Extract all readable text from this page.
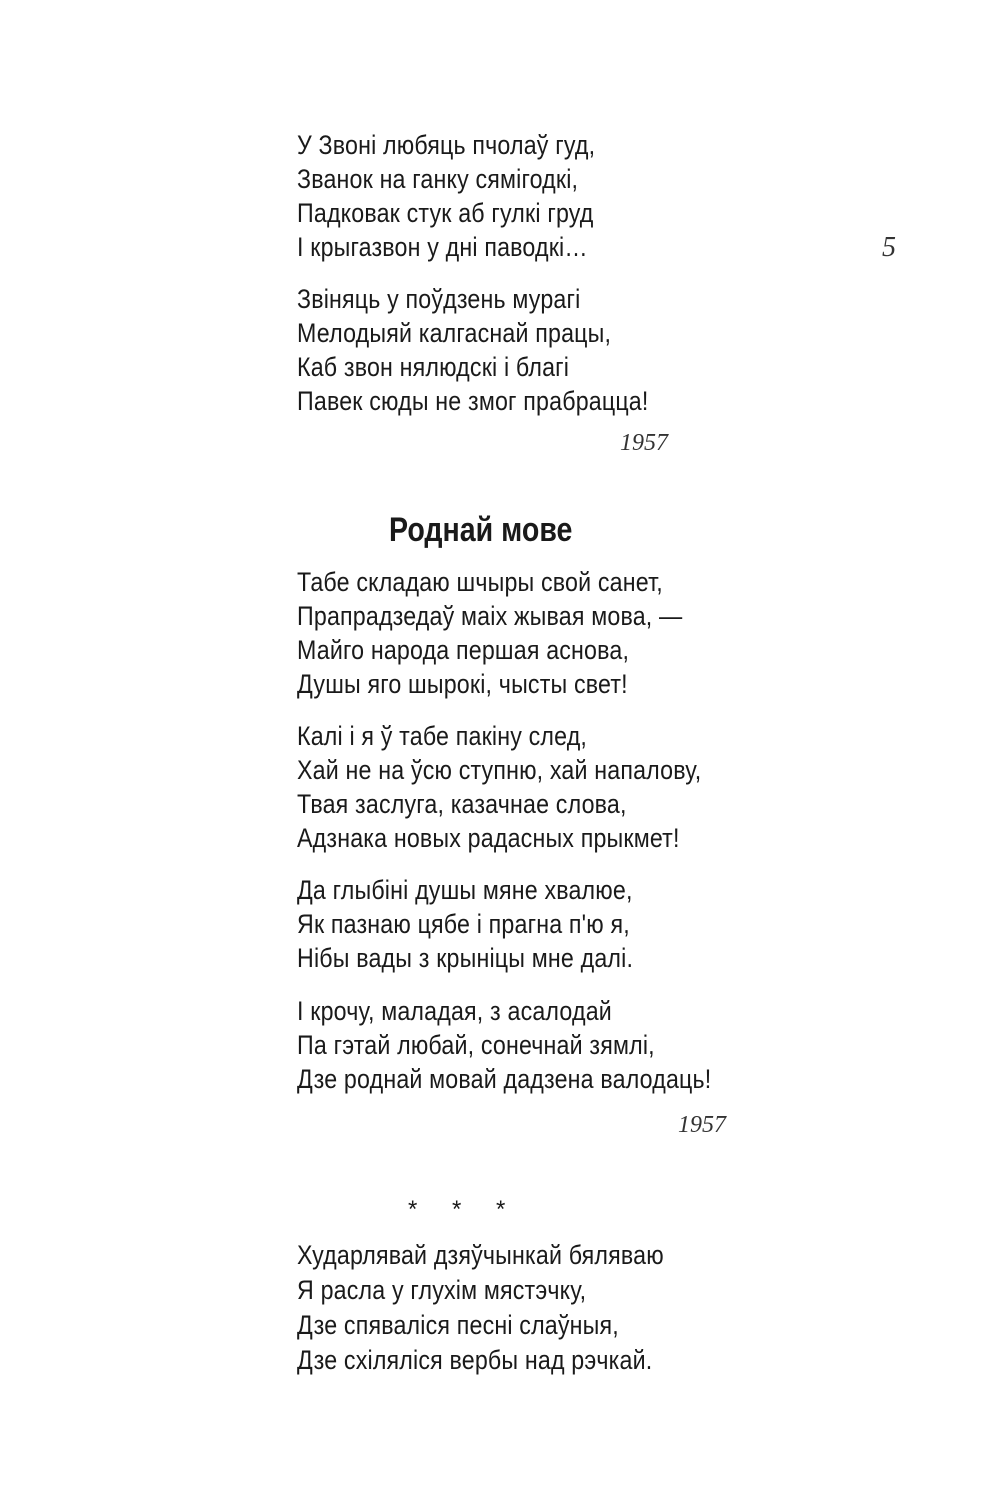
У Звоні любяць пчолаў гуд,
Званок на ганку сямігодкі,
Падковак стук аб гулкі груд
І крыгазвон у дні паводкі…
Звіняць у поўдзень мурагі
Мелодыяй калгаснай працы,
Каб звон нялюдскі і благі
Павек сюды не змог прабрацца!
1957
5
Роднай мове
Табе складаю шчыры свой санет,
Прапрадзедаў маіх жывая мова, —
Майго народа першая аснова,
Душы яго шырокі, чысты свет!
Калі і я ў табе пакіну след,
Хай не на ўсю ступню, хай напалову,
Твая заслуга, казачнае слова,
Адзнака новых радасных прыкмет!
Да глыбіні душы мяне хвалюе,
Як пазнаю цябе і прагна п'ю я,
Нібы вады з крыніцы мне далі.
І крочу, маладая, з асалодай
Па гэтай любай, сонечнай зямлі,
Дзе роднай мовай дадзена валодаць!
1957
* * *
Хударлявай дзяўчынкай бяляваю
Я расла у глухім мястэчку,
Дзе спяваліся песні слаўныя,
Дзе схіляліся вербы над рэчкай.
